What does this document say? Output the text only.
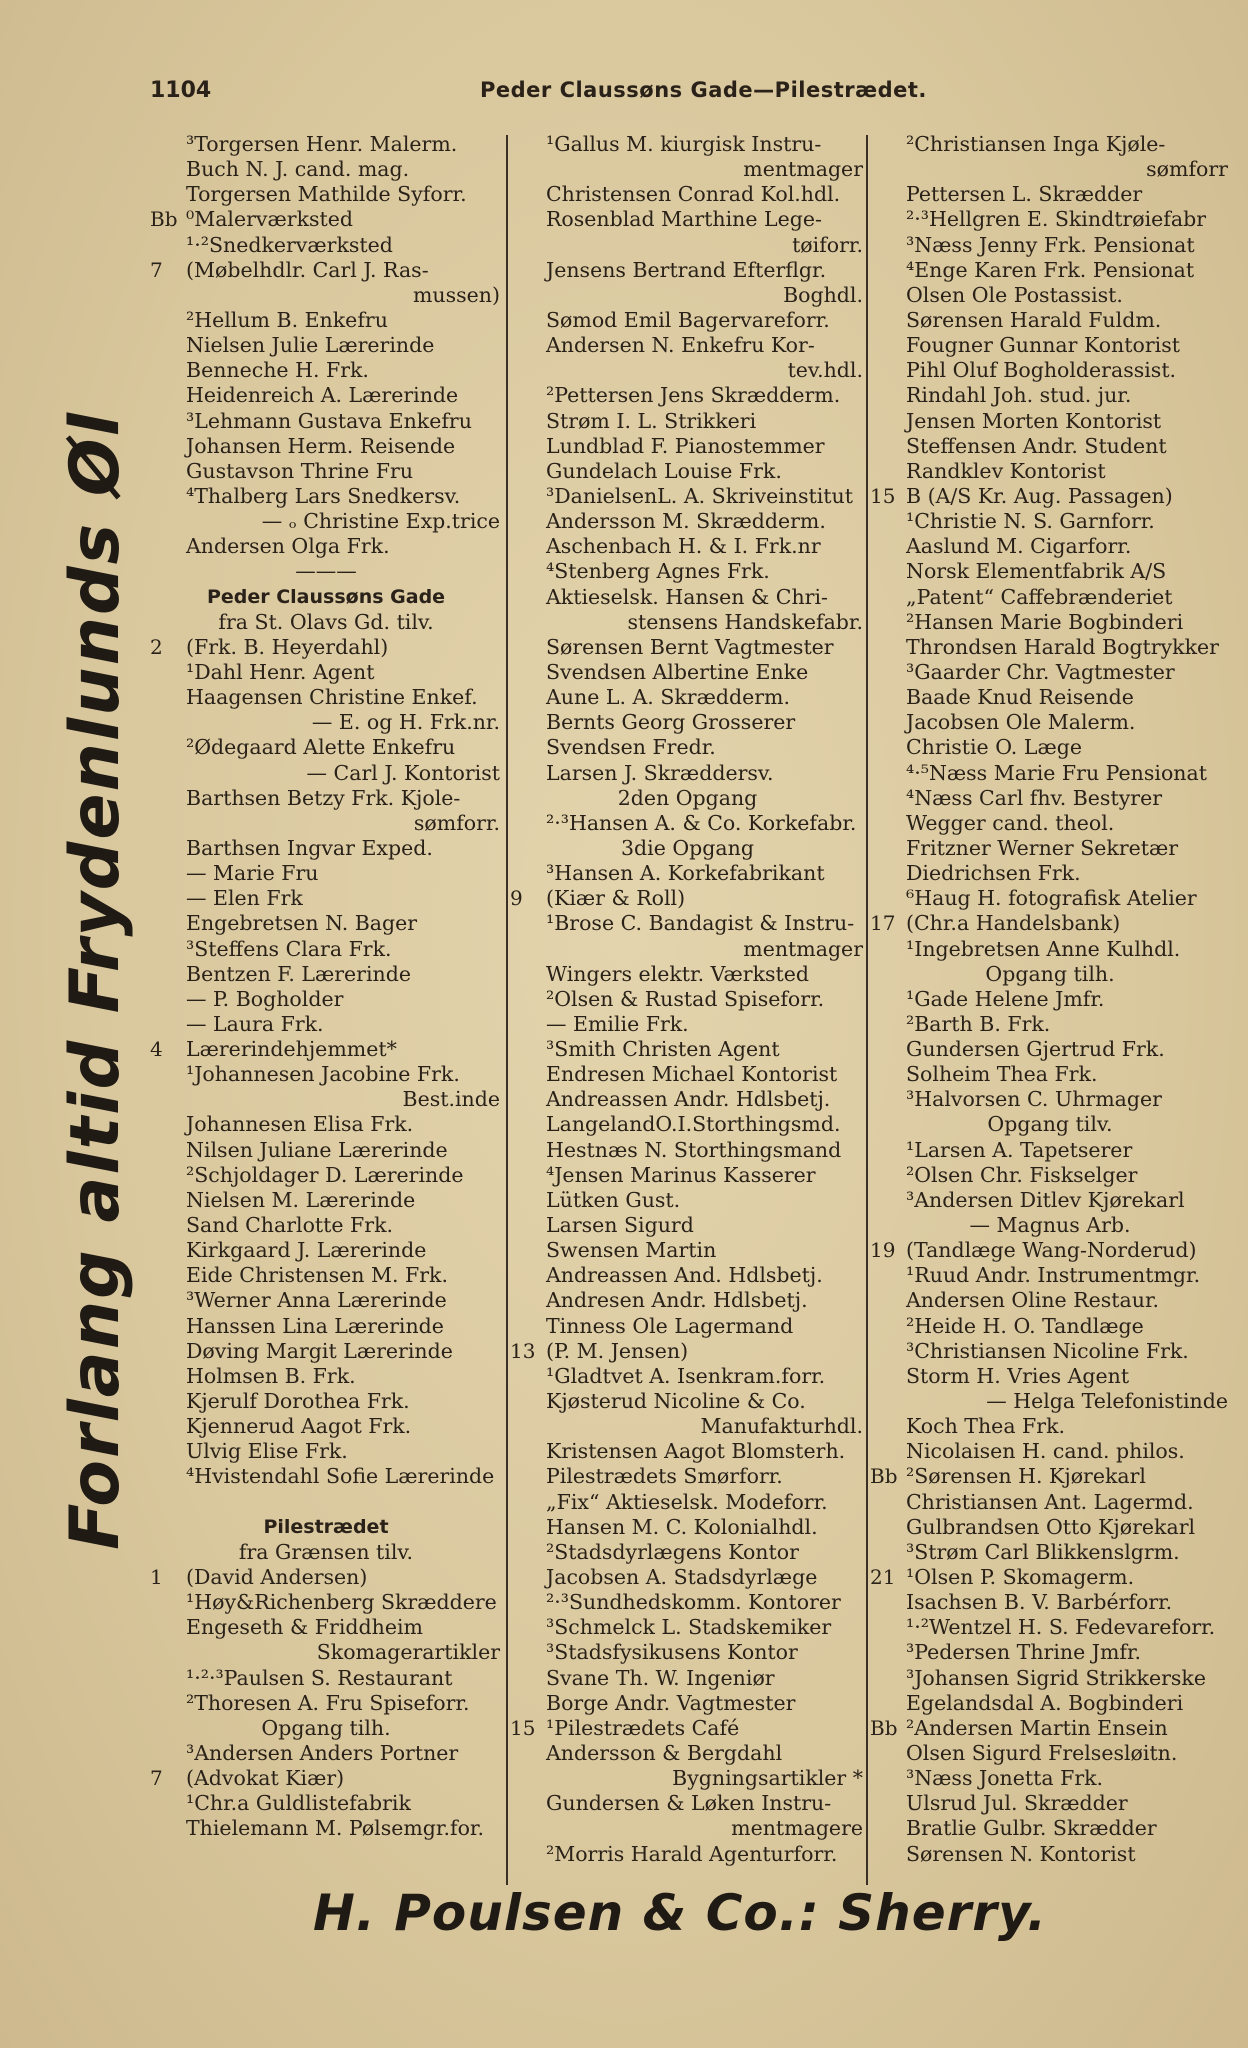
1104	Peder Claussøns Gade—Pilestrædet.
Forlang altid Frydenlunds Øl
³Torgersen Henr. Malerm.
Buch N. J. cand. mag.
Torgersen Mathilde Syforr.
Bb ⁰Malerværksted
¹·²Snedkerværksted
7	(Møbelhdlr. Carl J. Ras-
mussen)
²Hellum B. Enkefru
Nielsen Julie Lærerinde
Benneche H. Frk.
Heidenreich A. Lærerinde
³Lehmann Gustava Enkefru
Johansen Herm. Reisende
Gustavson Thrine Fru
⁴Thalberg Lars Snedkersv.
— ₒ Christine Exp.trice
Andersen Olga Frk.
———
Peder Claussøns Gade
fra St. Olavs Gd. tilv.
2	(Frk. B. Heyerdahl)
¹Dahl Henr. Agent
Haagensen Christine Enkef.
— E. og H. Frk.nr.
²Ødegaard Alette Enkefru
— Carl J. Kontorist
Barthsen Betzy Frk. Kjole-
sømforr.
Barthsen Ingvar Exped.
— Marie Fru
— Elen Frk
Engebretsen N. Bager
³Steffens Clara Frk.
Bentzen F. Lærerinde
— P. Bogholder
— Laura Frk.
4	Lærerindehjemmet*
¹Johannesen Jacobine Frk.
Best.inde
Johannesen Elisa Frk.
Nilsen Juliane Lærerinde
²Schjoldager D. Lærerinde
Nielsen M. Lærerinde
Sand Charlotte Frk.
Kirkgaard J. Lærerinde
Eide Christensen M. Frk.
³Werner Anna Lærerinde
Hanssen Lina Lærerinde
Døving Margit Lærerinde
Holmsen B. Frk.
Kjerulf Dorothea Frk.
Kjennerud Aagot Frk.
Ulvig Elise Frk.
⁴Hvistendahl Sofie Lærerinde
Pilestrædet
fra Grænsen tilv.
1	(David Andersen)
¹Høy&Richenberg Skræddere
Engeseth & Friddheim
Skomagerartikler
¹·²·³Paulsen S. Restaurant
²Thoresen A. Fru Spiseforr.
Opgang tilh.
³Andersen Anders Portner
7	(Advokat Kiær)
¹Chr.a Guldlistefabrik
Thielemann M. Pølsemgr.for.
¹Gallus M. kiurgisk Instru-
mentmager
Christensen Conrad Kol.hdl.
Rosenblad Marthine Lege-
tøiforr.
Jensens Bertrand Efterflgr.
Boghdl.
Sømod Emil Bagervareforr.
Andersen N. Enkefru Kor-
tev.hdl.
²Pettersen Jens Skrædderm.
Strøm I. L. Strikkeri
Lundblad F. Pianostemmer
Gundelach Louise Frk.
³DanielsenL. A. Skriveinstitut
Andersson M. Skrædderm.
Aschenbach H. & I. Frk.nr
⁴Stenberg Agnes Frk.
Aktieselsk. Hansen & Chri-
stensens Handskefabr.
Sørensen Bernt Vagtmester
Svendsen Albertine Enke
Aune L. A. Skrædderm.
Bernts Georg Grosserer
Svendsen Fredr.
Larsen J. Skræddersv.
2den Opgang
²·³Hansen A. & Co. Korkefabr.
3die Opgang
³Hansen A. Korkefabrikant
9	(Kiær & Roll)
¹Brose C. Bandagist & Instru-
mentmager
Wingers elektr. Værksted
²Olsen & Rustad Spiseforr.
— Emilie Frk.
³Smith Christen Agent
Endresen Michael Kontorist
Andreassen Andr. Hdlsbetj.
LangelandO.I.Storthingsmd.
Hestnæs N. Storthingsmand
⁴Jensen Marinus Kasserer
Lütken Gust.
Larsen Sigurd
Swensen Martin
Andreassen And. Hdlsbetj.
Andresen Andr. Hdlsbetj.
Tinness Ole Lagermand
13 (P. M. Jensen)
¹Gladtvet A. Isenkram.forr.
Kjøsterud Nicoline & Co.
Manufakturhdl.
Kristensen Aagot Blomsterh.
Pilestrædets Smørforr.
„Fix“ Aktieselsk. Modeforr.
Hansen M. C. Kolonialhdl.
²Stadsdyrlægens Kontor
Jacobsen A. Stadsdyrlæge
²·³Sundhedskomm. Kontorer
³Schmelck L. Stadskemiker
³Stadsfysikusens Kontor
Svane Th. W. Ingeniør
Borge Andr. Vagtmester
15 ¹Pilestrædets Café
Andersson & Bergdahl
Bygningsartikler *
Gundersen & Løken Instru-
mentmagere
²Morris Harald Agenturforr.
²Christiansen Inga Kjøle-
sømforr
Pettersen L. Skrædder
²·³Hellgren E. Skindtrøiefabr
³Næss Jenny Frk. Pensionat
⁴Enge Karen Frk. Pensionat
Olsen Ole Postassist.
Sørensen Harald Fuldm.
Fougner Gunnar Kontorist
Pihl Oluf Bogholderassist.
Rindahl Joh. stud. jur.
Jensen Morten Kontorist
Steffensen Andr. Student
Randklev Kontorist
15 B (A/S Kr. Aug. Passagen)
¹Christie N. S. Garnforr.
Aaslund M. Cigarforr.
Norsk Elementfabrik A/S
„Patent“ Caffebrænderiet
²Hansen Marie Bogbinderi
Throndsen Harald Bogtrykker
³Gaarder Chr. Vagtmester
Baade Knud Reisende
Jacobsen Ole Malerm.
Christie O. Læge
⁴·⁵Næss Marie Fru Pensionat
⁴Næss Carl fhv. Bestyrer
Wegger cand. theol.
Fritzner Werner Sekretær
Diedrichsen Frk.
⁶Haug H. fotografisk Atelier
17 (Chr.a Handelsbank)
¹Ingebretsen Anne Kulhdl.
Opgang tilh.
¹Gade Helene Jmfr.
²Barth B. Frk.
Gundersen Gjertrud Frk.
Solheim Thea Frk.
³Halvorsen C. Uhrmager
Opgang tilv.
¹Larsen A. Tapetserer
²Olsen Chr. Fiskselger
³Andersen Ditlev Kjørekarl
— Magnus Arb.
19 (Tandlæge Wang-Norderud)
¹Ruud Andr. Instrumentmgr.
Andersen Oline Restaur.
²Heide H. O. Tandlæge
³Christiansen Nicoline Frk.
Storm H. Vries Agent
— Helga Telefonistinde
Koch Thea Frk.
Nicolaisen H. cand. philos.
Bb ²Sørensen H. Kjørekarl
Christiansen Ant. Lagermd.
Gulbrandsen Otto Kjørekarl
³Strøm Carl Blikkenslgrm.
21 ¹Olsen P. Skomagerm.
Isachsen B. V. Barbérforr.
¹·²Wentzel H. S. Fedevareforr.
³Pedersen Thrine Jmfr.
³Johansen Sigrid Strikkerske
Egelandsdal A. Bogbinderi
Bb ²Andersen Martin Ensein
Olsen Sigurd Frelsesløitn.
³Næss Jonetta Frk.
Ulsrud Jul. Skrædder
Bratlie Gulbr. Skrædder
Sørensen N. Kontorist
H. Poulsen & Co.: Sherry.
